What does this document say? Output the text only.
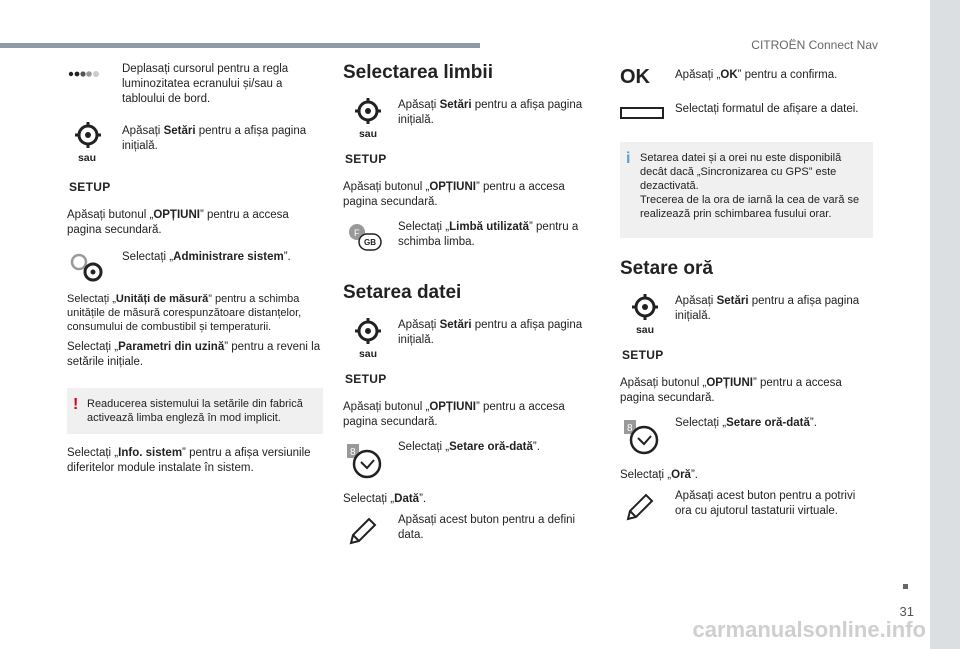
CITROËN Connect Nav
31
carmanualsonline.info

Deplasați cursorul pentru a regla luminozitatea ecranului și/sau a tabloului de bord.

sau
SETUP

Apăsați Setări pentru a afișa pagina inițială.

Apăsați butonul „OPȚIUNI” pentru a accesa pagina secundară.

Selectați „Administrare sistem”.

Selectați „Unități de măsură” pentru a schimba unitățile de măsură corespunzătoare distanțelor, consumului de combustibil și temperaturii.

Selectați „Parametri din uzină” pentru a reveni la setările inițiale.

! Readucerea sistemului la setările din fabrică activează limba engleză în mod implicit.

Selectați „Info. sistem” pentru a afișa versiunile diferitelor module instalate în sistem.

Selectarea limbii
sau
SETUP

Apăsați Setări pentru a afișa pagina inițială.

Apăsați butonul „OPȚIUNI” pentru a accesa pagina secundară.

F
GB

Selectați „Limbă utilizată” pentru a schimba limba.

Setarea datei
sau
SETUP

Apăsați Setări pentru a afișa pagina inițială.

Apăsați butonul „OPȚIUNI” pentru a accesa pagina secundară.

8	Selectați „Setare oră-dată”.

Selectați „Dată”.

Apăsați acest buton pentru a defini data.

OK	Apăsați „OK” pentru a confirma.

Selectați formatul de afișare a datei.

i Setarea datei și a orei nu este disponibilă decât dacă „Sincronizarea cu GPS” este dezactivată.
Trecerea de la ora de iarnă la cea de vară se realizează prin schimbarea fusului orar.

Setare oră
sau
SETUP

Apăsați Setări pentru a afișa pagina inițială.

Apăsați butonul „OPȚIUNI” pentru a accesa pagina secundară.

8	Selectați „Setare oră-dată”.

Selectați „Oră”.

Apăsați acest buton pentru a potrivi ora cu ajutorul tastaturii virtuale.
